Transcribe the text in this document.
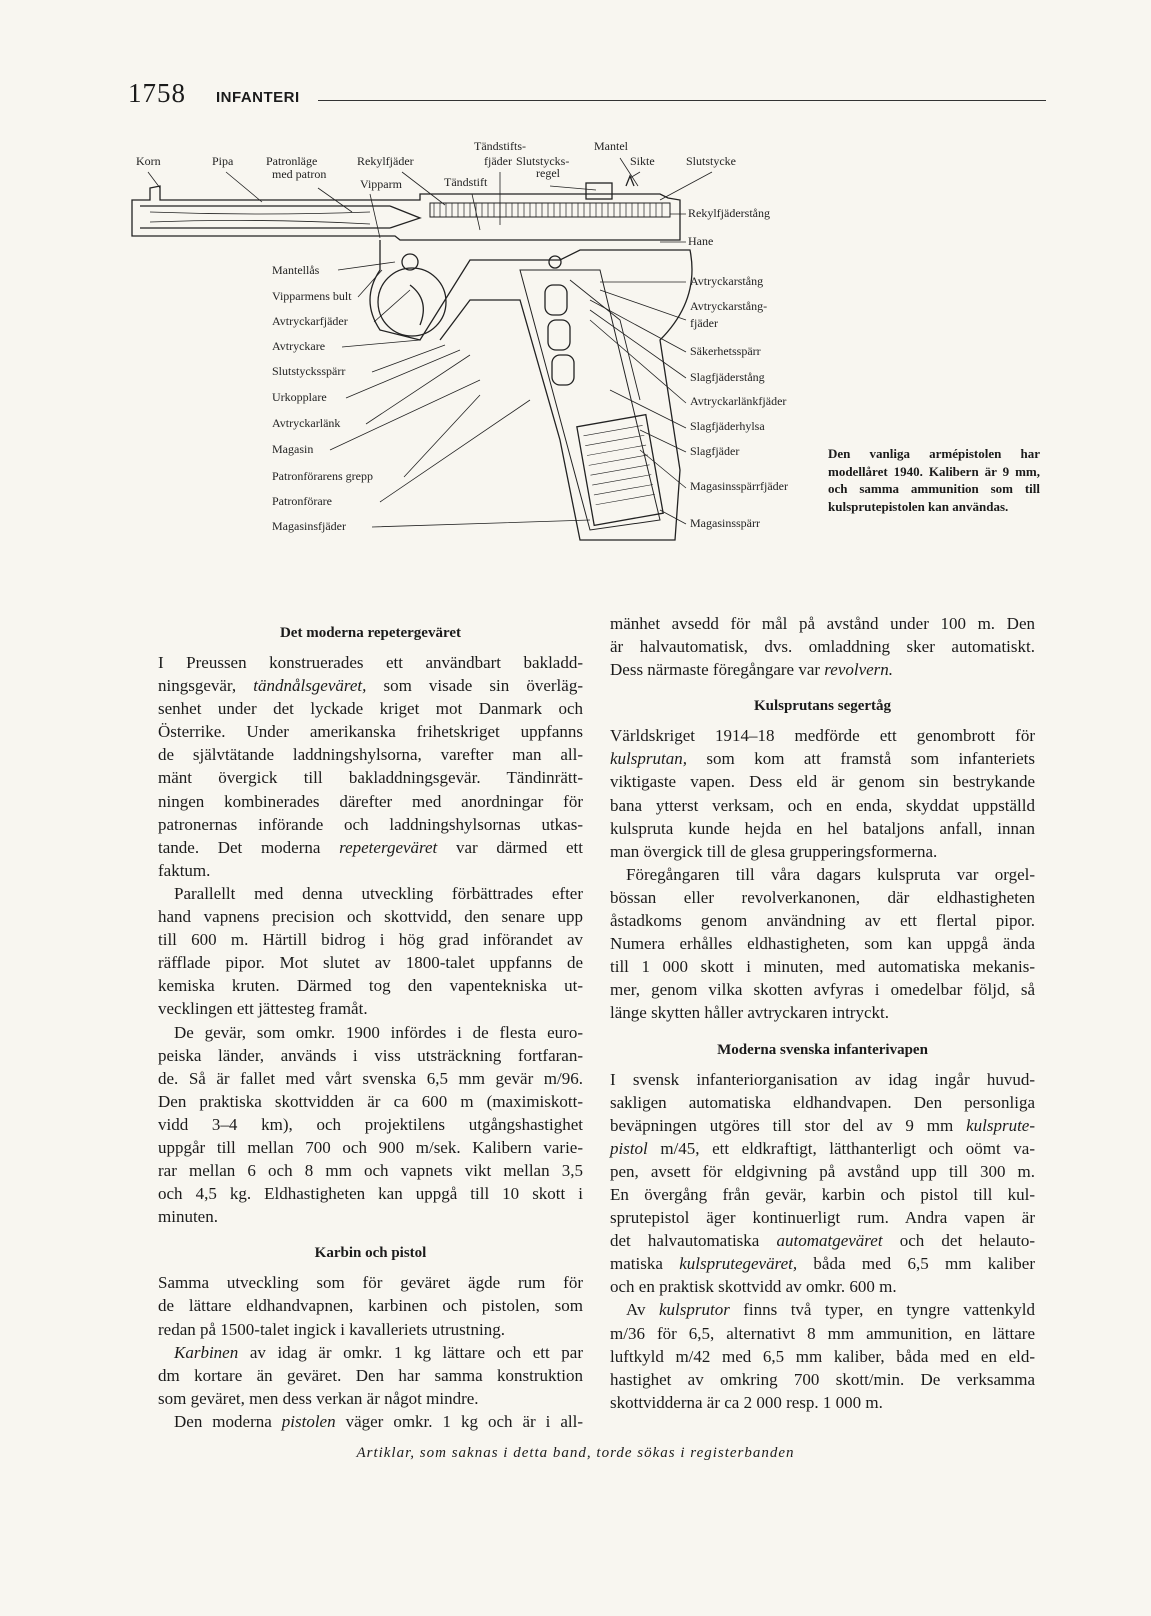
1758 INFANTERI
Korn	Pipa	Patronläge
med patron
Rekylfjäder
Vipparm
Tändstifts-
fjäder
Tändstift
Slutstycks-
regel
Mantel
Sikte	Slutstycke
Mantellås
Vipparmens bult
Avtryckarfjäder
Avtryckare
Slutstycksspärr
Urkopplare
Avtryckarlänk
Magasin
Patronförarens grepp
Patronförare
Magasinsfjäder
Rekylfjäderstång
Hane
Avtryckarstång
Avtryckarstång-
fjäder
Säkerhetsspärr
Slagfjäderstång
Avtryckarlänkfjäder
Slagfjäderhylsa
Slagfjäder
Magasinsspärrfjäder
Magasinsspärr
Den vanliga armépistolen har modellåret 1940. Kalibern är 9 mm, och samma ammunition som till kulsprutepistolen kan användas.
Det moderna repetergeväret
I Preussen konstruerades ett användbart bakladd-
ningsgevär, tändnålsgeväret, som visade sin överläg-
senhet under det lyckade kriget mot Danmark och
Österrike. Under amerikanska frihetskriget uppfanns
de självtätande laddningshylsorna, varefter man all-
mänt övergick till bakladdningsgevär. Tändinrätt-
ningen kombinerades därefter med anordningar för
patronernas införande och laddningshylsornas utkas-
tande. Det moderna repetergeväret var därmed ett
faktum.
Parallellt med denna utveckling förbättrades efter
hand vapnens precision och skottvidd, den senare upp
till 600 m. Härtill bidrog i hög grad införandet av
räfflade pipor. Mot slutet av 1800-talet uppfanns de
kemiska kruten. Därmed tog den vapentekniska ut-
vecklingen ett jättesteg framåt.
De gevär, som omkr. 1900 infördes i de flesta euro-
peiska länder, används i viss utsträckning fortfaran-
de. Så är fallet med vårt svenska 6,5 mm gevär m/96.
Den praktiska skottvidden är ca 600 m (maximiskott-
vidd 3–4 km), och projektilens utgångshastighet
uppgår till mellan 700 och 900 m/sek. Kalibern varie-
rar mellan 6 och 8 mm och vapnets vikt mellan 3,5
och 4,5 kg. Eldhastigheten kan uppgå till 10 skott i
minuten.
Karbin och pistol
Samma utveckling som för geväret ägde rum för
de lättare eldhandvapnen, karbinen och pistolen, som
redan på 1500-talet ingick i kavalleriets utrustning.
Karbinen av idag är omkr. 1 kg lättare och ett par
dm kortare än geväret. Den har samma konstruktion
som geväret, men dess verkan är något mindre.
Den moderna pistolen väger omkr. 1 kg och är i all-
mänhet avsedd för mål på avstånd under 100 m. Den
är halvautomatisk, dvs. omladdning sker automatiskt.
Dess närmaste föregångare var revolvern.
Kulsprutans segertåg
Världskriget 1914–18 medförde ett genombrott för
kulsprutan, som kom att framstå som infanteriets
viktigaste vapen. Dess eld är genom sin bestrykande
bana ytterst verksam, och en enda, skyddat uppställd
kulspruta kunde hejda en hel bataljons anfall, innan
man övergick till de glesa grupperingsformerna.
Föregångaren till våra dagars kulspruta var orgel-
bössan eller revolverkanonen, där eldhastigheten
åstadkoms genom användning av ett flertal pipor.
Numera erhålles eldhastigheten, som kan uppgå ända
till 1 000 skott i minuten, med automatiska mekanis-
mer, genom vilka skotten avfyras i omedelbar följd, så
länge skytten håller avtryckaren intryckt.
Moderna svenska infanterivapen
I svensk infanteriorganisation av idag ingår huvud-
sakligen automatiska eldhandvapen. Den personliga
beväpningen utgöres till stor del av 9 mm kulsprute-
pistol m/45, ett eldkraftigt, lätthanterligt och oömt va-
pen, avsett för eldgivning på avstånd upp till 300 m.
En övergång från gevär, karbin och pistol till kul-
sprutepistol äger kontinuerligt rum. Andra vapen är
det halvautomatiska automatgeväret och det helauto-
matiska kulsprutegeväret, båda med 6,5 mm kaliber
och en praktisk skottvidd av omkr. 600 m.
Av kulsprutor finns två typer, en tyngre vattenkyld
m/36 för 6,5, alternativt 8 mm ammunition, en lättare
luftkyld m/42 med 6,5 mm kaliber, båda med en eld-
hastighet av omkring 700 skott/min. De verksamma
skottvidderna är ca 2 000 resp. 1 000 m.
Artiklar, som saknas i detta band, torde sökas i registerbanden
